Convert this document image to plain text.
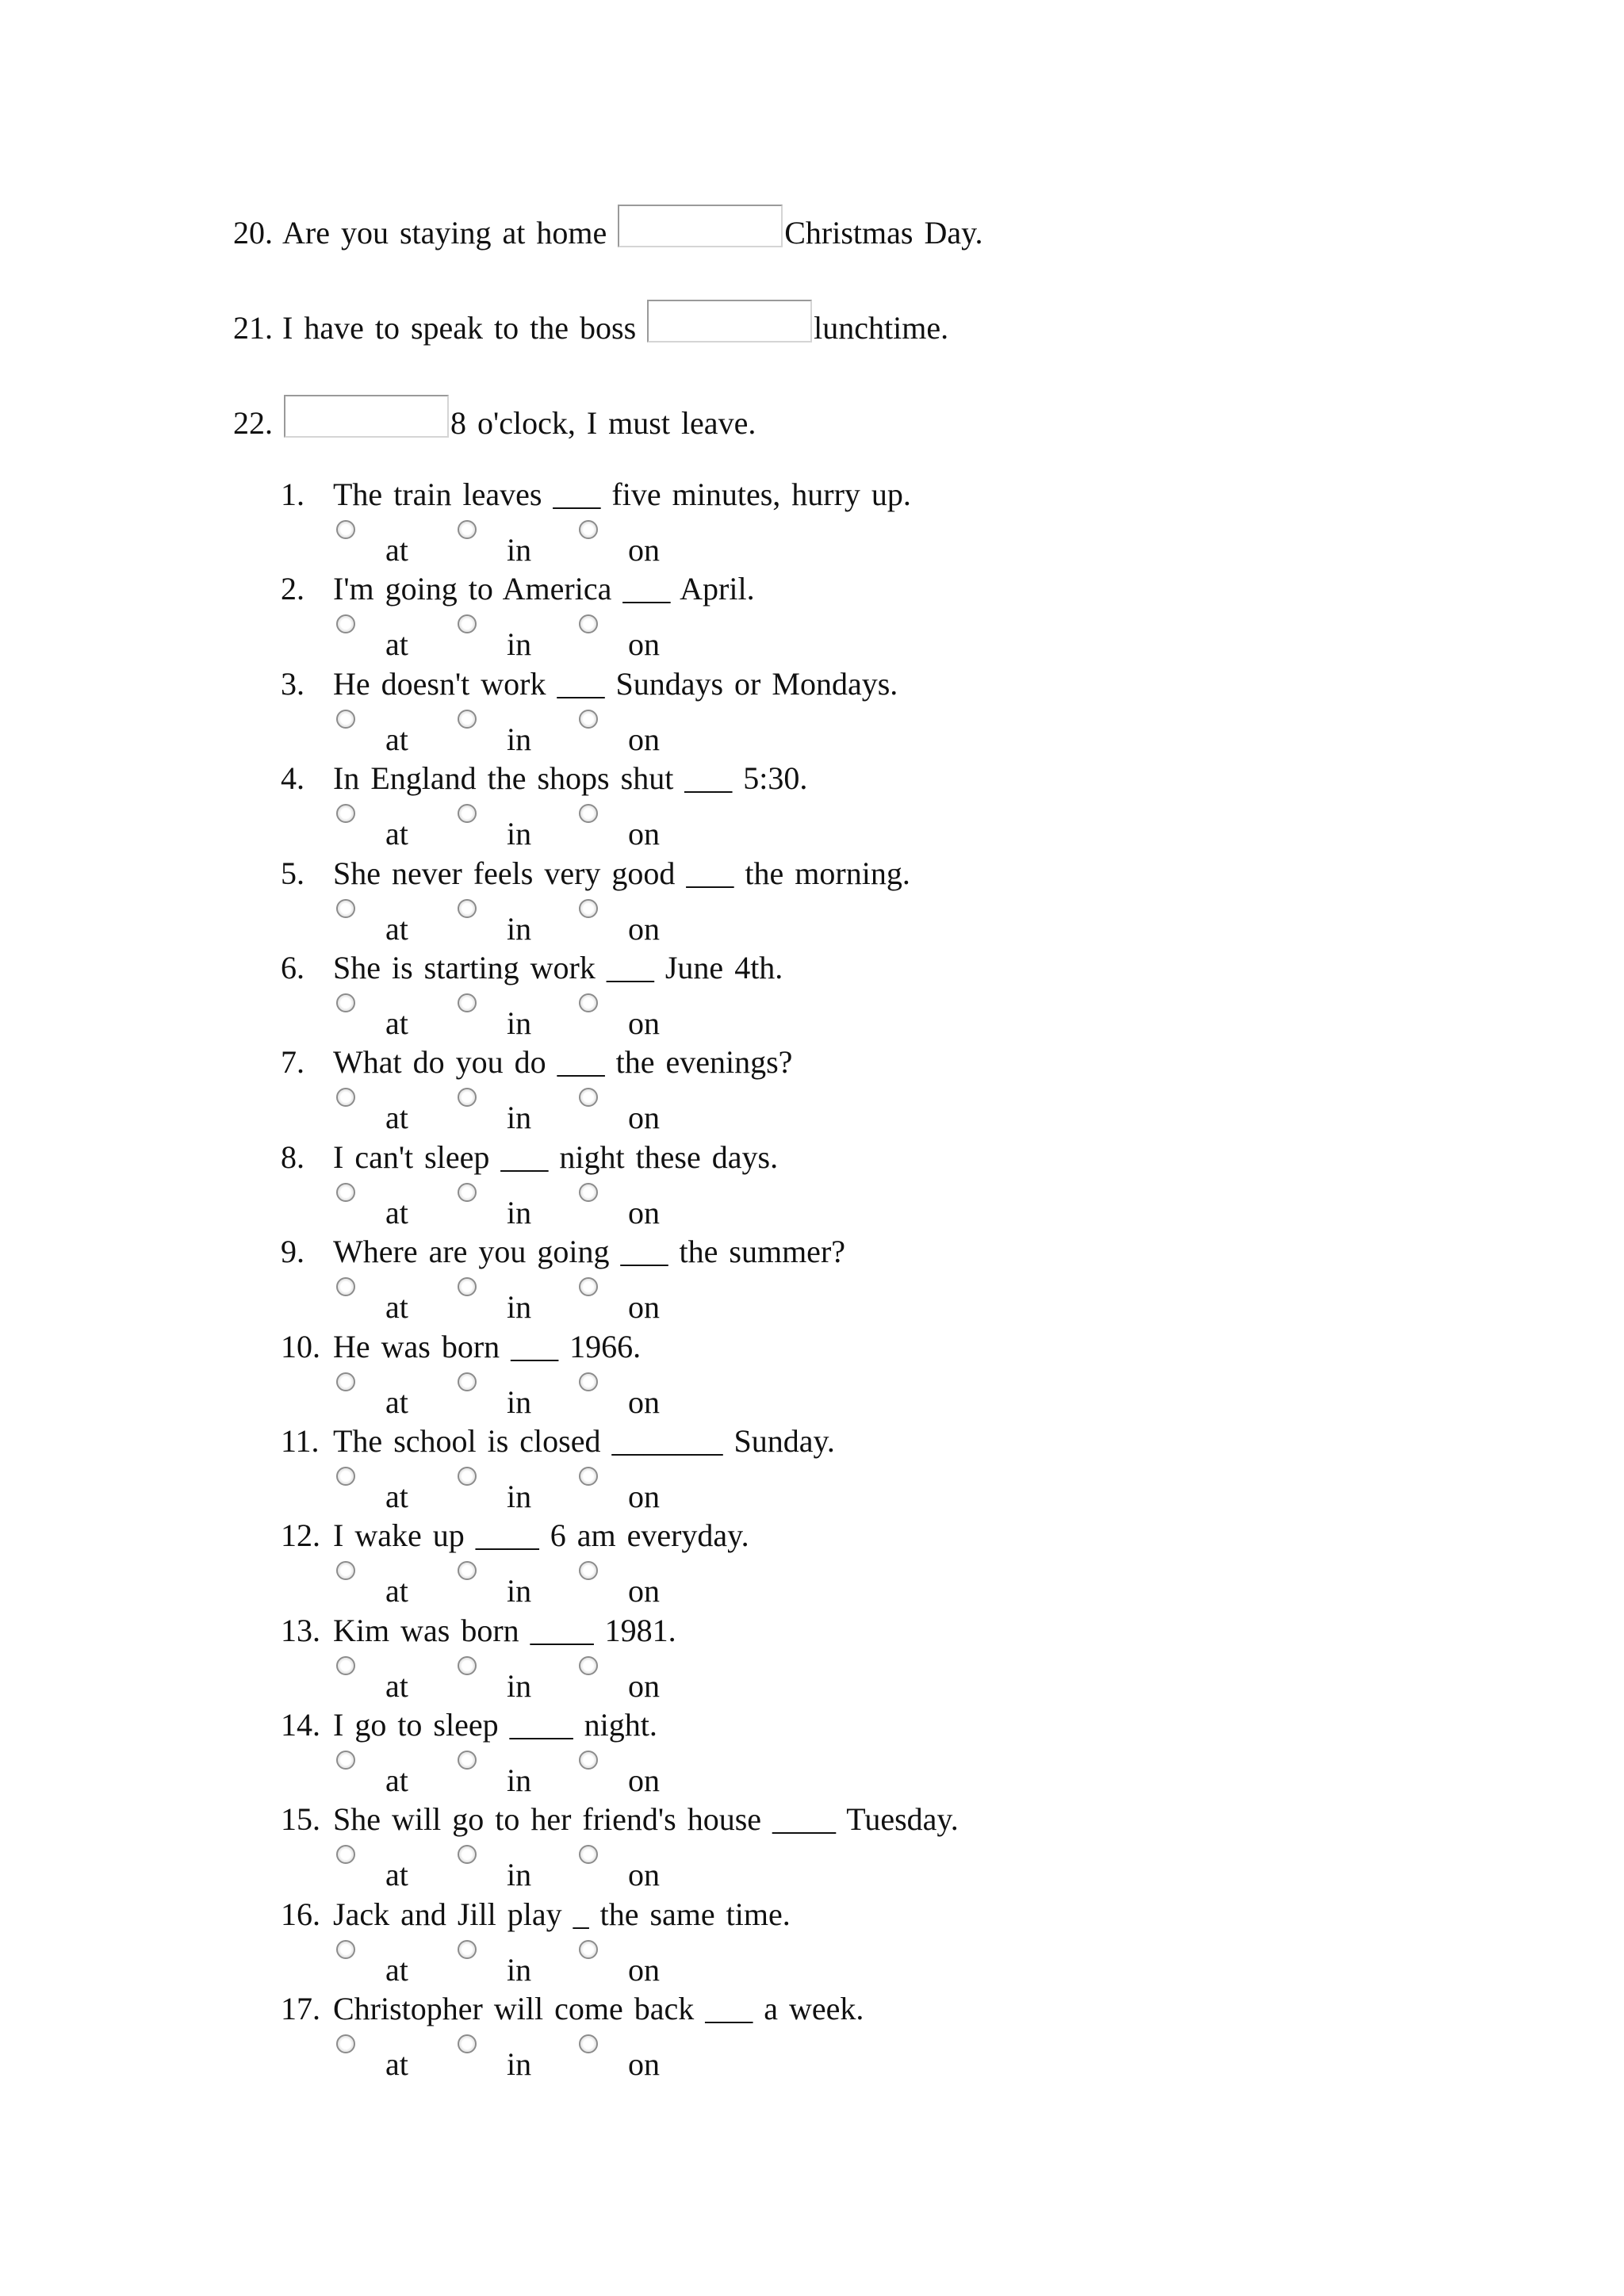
20. Are you staying at home	Christmas Day.
21. I have to speak to the boss	lunchtime.
22.	8 o'clock, I must leave.
1. The train leaves ___ five minutes, hurry up.
at	in	on
2. I'm going to America ___ April.
at	in	on
3. He doesn't work ___ Sundays or Mondays.
at	in	on
4. In England the shops shut ___ 5:30.
at	in	on
5. She never feels very good ___ the morning.
at	in	on
6. She is starting work ___ June 4th.
at	in	on
7. What do you do ___ the evenings?
at	in	on
8. I can't sleep ___ night these days.
at	in	on
9. Where are you going ___ the summer?
at	in	on
10. He was born ___ 1966.
at	in	on
11. The school is closed _______ Sunday.
at	in	on
12. I wake up ____ 6 am everyday.
at	in	on
13. Kim was born ____ 1981.
at	in	on
14. I go to sleep ____ night.
at	in	on
15. She will go to her friend's house ____ Tuesday.
at	in	on
16. Jack and Jill play _ the same time.
at	in	on
17. Christopher will come back ___ a week.
at	in	on
